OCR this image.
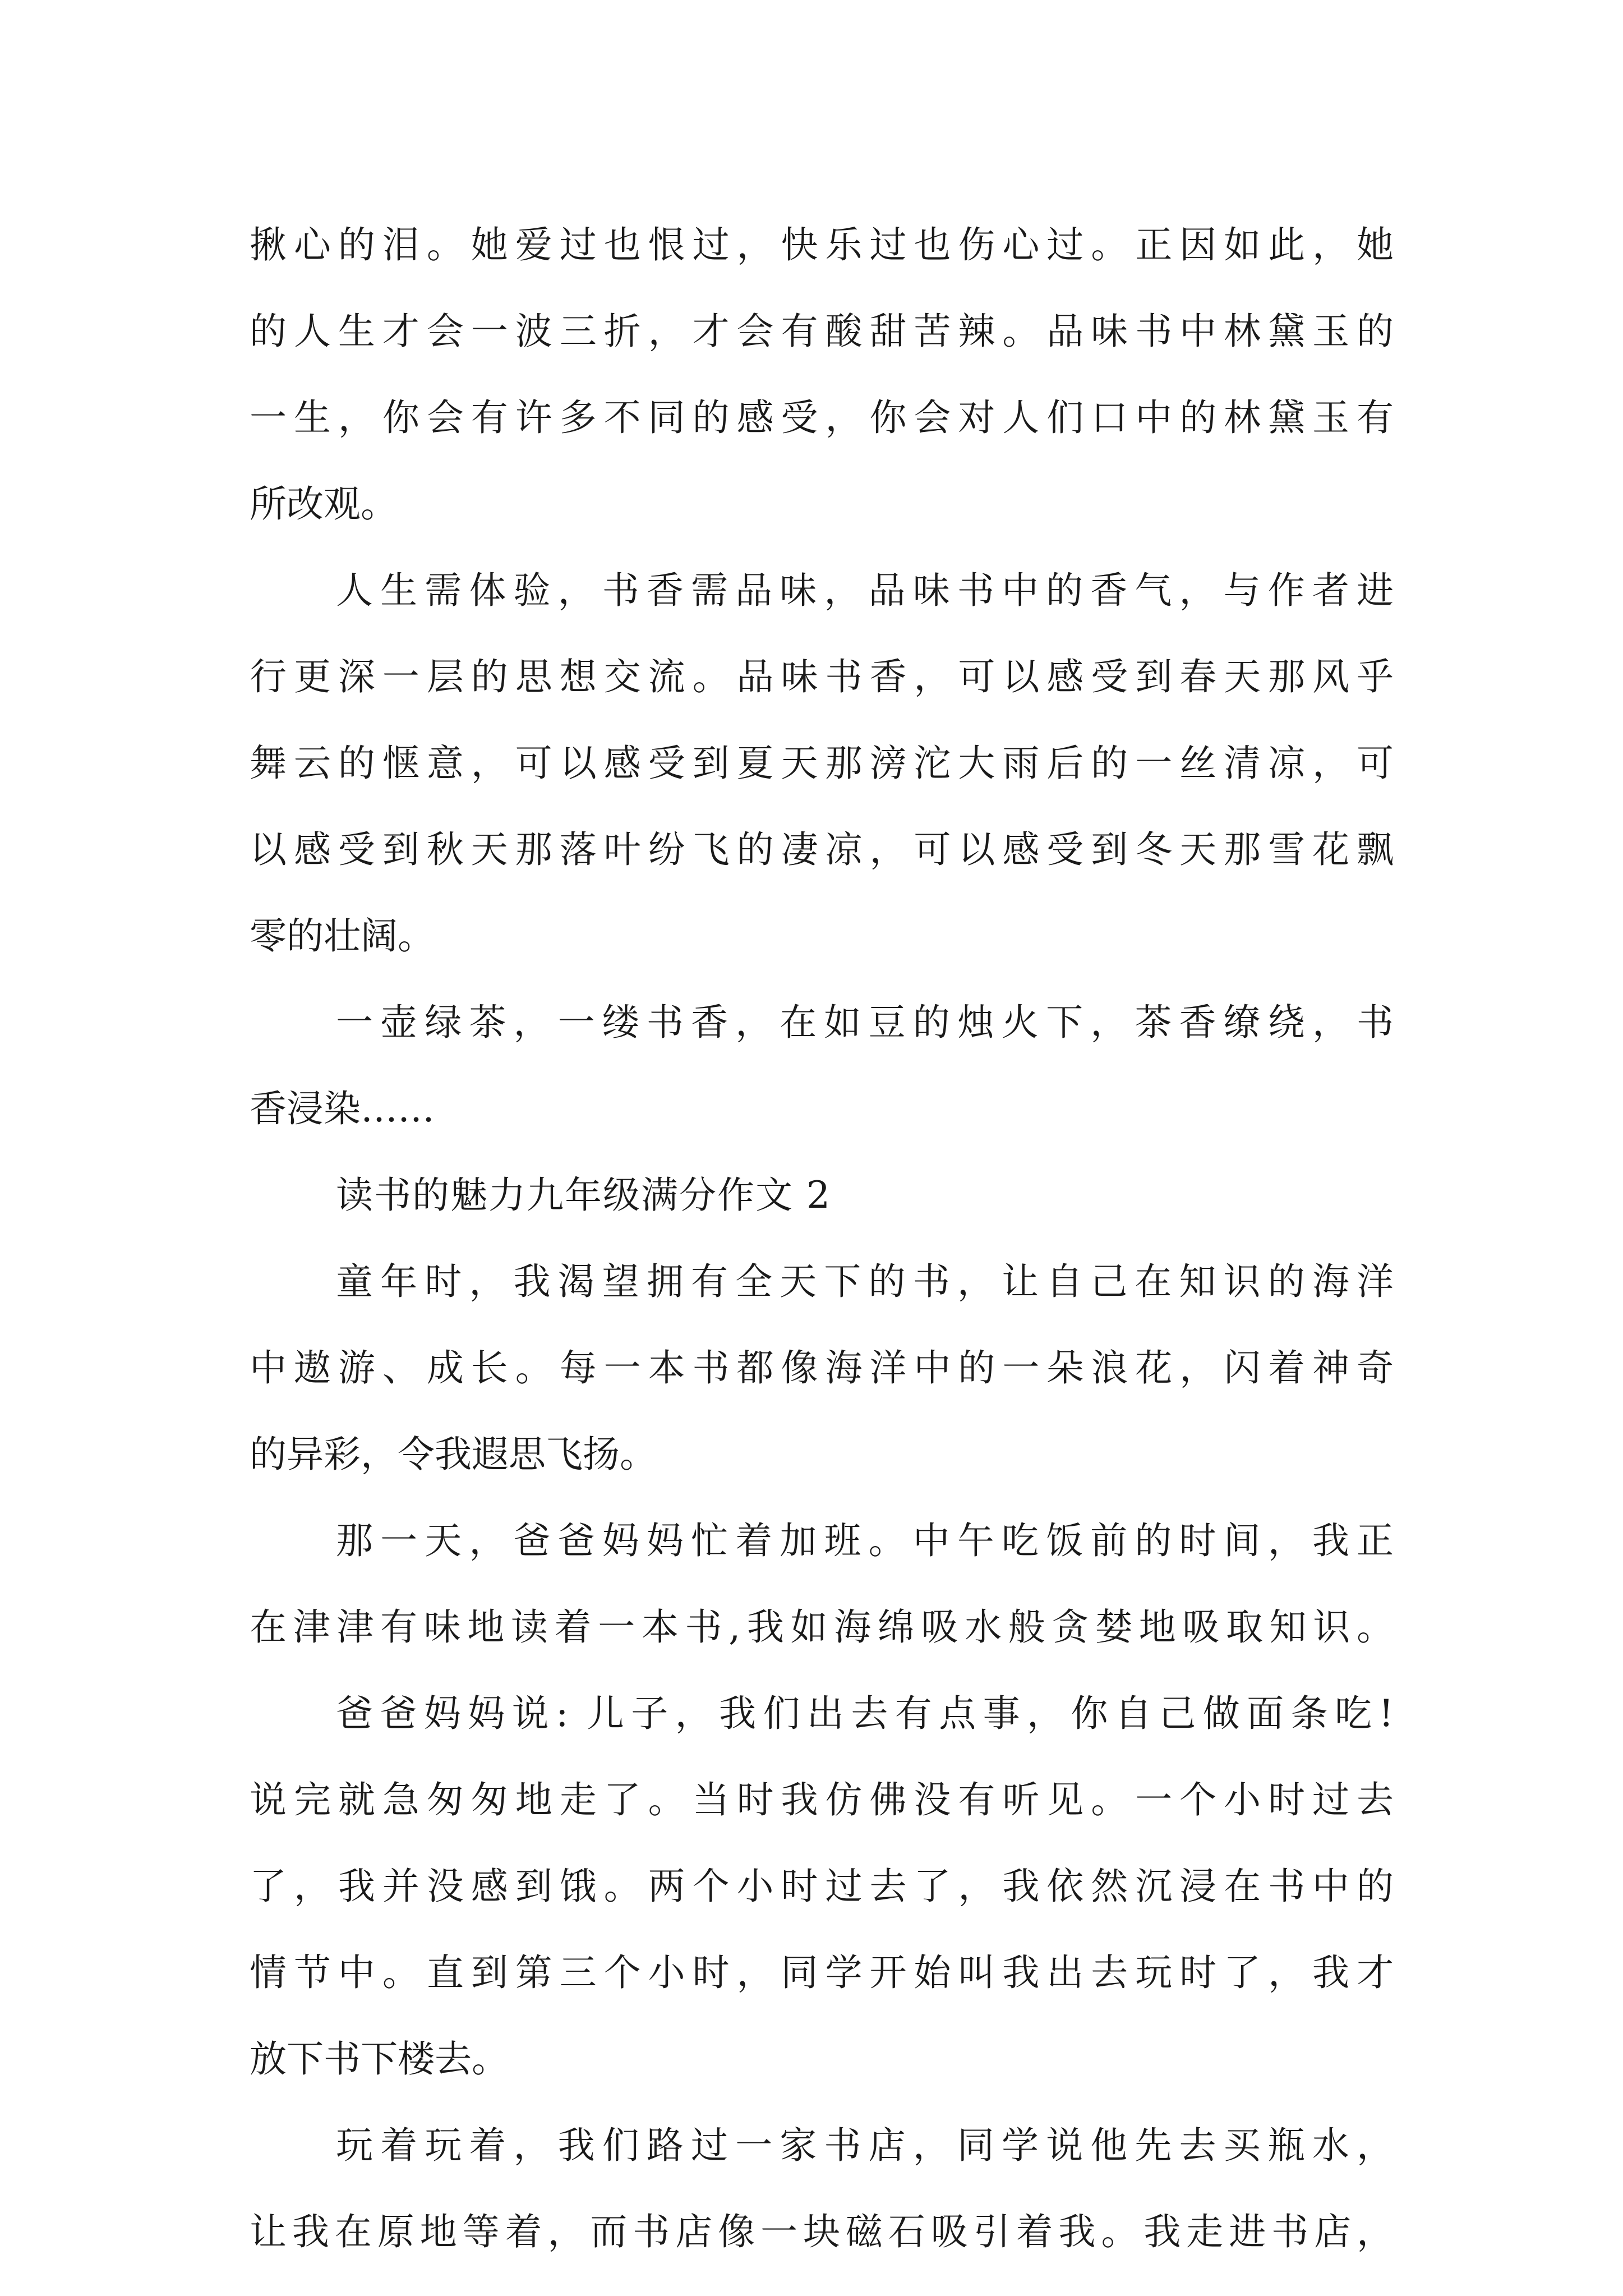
揪心的泪。她爱过也恨过，快乐过也伤心过。正因如此，她
的人生才会一波三折，才会有酸甜苦辣。品味书中林黛玉的
一生，你会有许多不同的感受，你会对人们口中的林黛玉有
所改观。
人生需体验，书香需品味，品味书中的香气，与作者进
行更深一层的思想交流。品味书香，可以感受到春天那风乎
舞云的惬意，可以感受到夏天那滂沱大雨后的一丝清凉，可
以感受到秋天那落叶纷飞的凄凉，可以感受到冬天那雪花飘
零的壮阔。
一壶绿茶，一缕书香，在如豆的烛火下，茶香缭绕，书
香浸染……
读书的魅力九年级满分作文 2
童年时，我渴望拥有全天下的书，让自己在知识的海洋
中遨游、成长。每一本书都像海洋中的一朵浪花，闪着神奇
的异彩，令我遐思飞扬。
那一天，爸爸妈妈忙着加班。中午吃饭前的时间，我正
在津津有味地读着一本书,我如海绵吸水般贪婪地吸取知识。
爸爸妈妈说: 儿子，我们出去有点事，你自己做面条吃!
说完就急匆匆地走了。当时我仿佛没有听见。一个小时过去
了，我并没感到饿。两个小时过去了，我依然沉浸在书中的
情节中。直到第三个小时，同学开始叫我出去玩时了，我才
放下书下楼去。
玩着玩着，我们路过一家书店，同学说他先去买瓶水，
让我在原地等着，而书店像一块磁石吸引着我。我走进书店，
